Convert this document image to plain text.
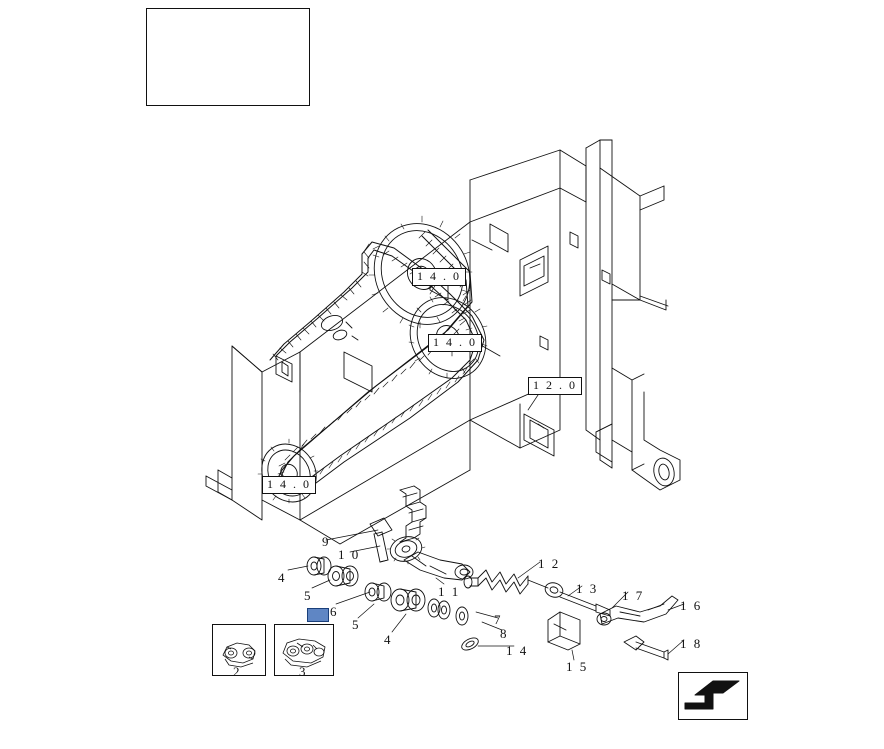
2	3
1 4 . 0
1 4 . 0
1 2 . 0
1 4 . 0
4
9
1 0
5
6
1 1
1 2
1 3 1 7
1 6
1 8
5
4
7
8
1 4
1 5
